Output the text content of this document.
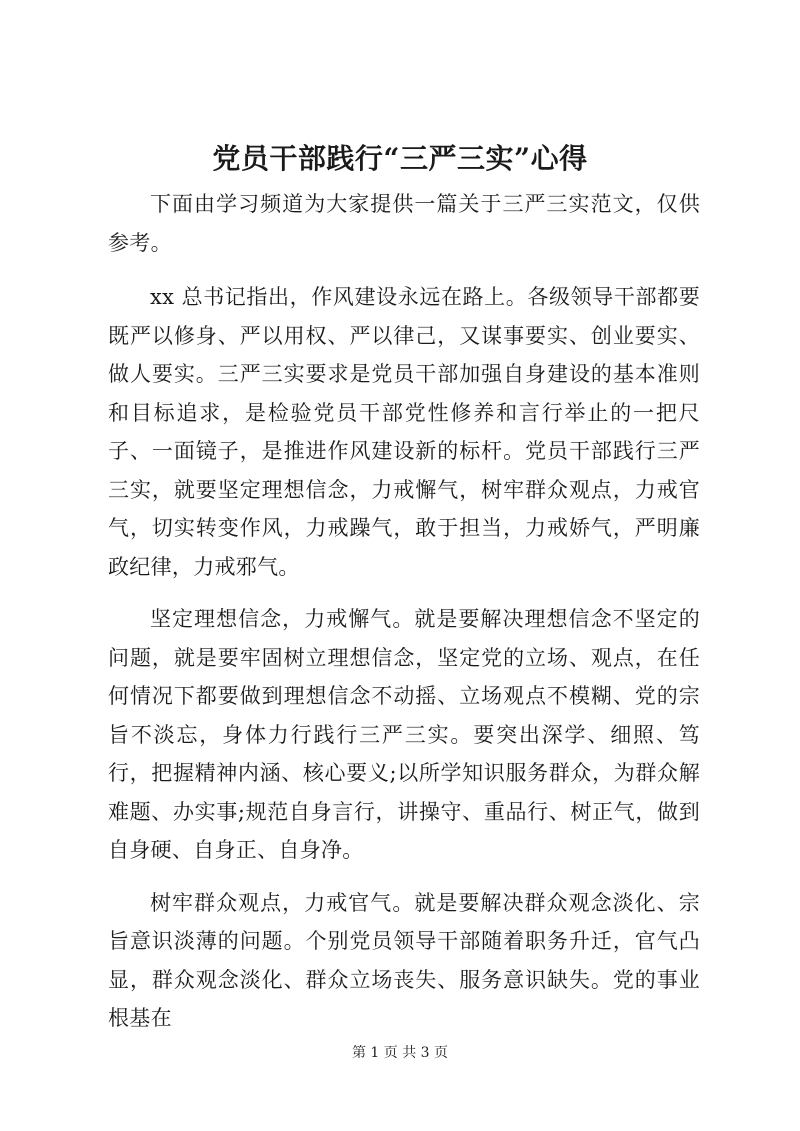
党员干部践行“三严三实”心得

下面由学习频道为大家提供一篇关于三严三实范文，仅供参考。

xx 总书记指出，作风建设永远在路上。各级领导干部都要既严以修身、严以用权、严以律己，又谋事要实、创业要实、做人要实。三严三实要求是党员干部加强自身建设的基本准则和目标追求，是检验党员干部党性修养和言行举止的一把尺子、一面镜子，是推进作风建设新的标杆。党员干部践行三严三实，就要坚定理想信念，力戒懈气，树牢群众观点，力戒官气，切实转变作风，力戒躁气，敢于担当，力戒娇气，严明廉政纪律，力戒邪气。

坚定理想信念，力戒懈气。就是要解决理想信念不坚定的问题，就是要牢固树立理想信念，坚定党的立场、观点，在任何情况下都要做到理想信念不动摇、立场观点不模糊、党的宗旨不淡忘，身体力行践行三严三实。要突出深学、细照、笃行，把握精神内涵、核心要义;以所学知识服务群众，为群众解难题、办实事;规范自身言行，讲操守、重品行、树正气，做到自身硬、自身正、自身净。

树牢群众观点，力戒官气。就是要解决群众观念淡化、宗旨意识淡薄的问题。个别党员领导干部随着职务升迁，官气凸显，群众观念淡化、群众立场丧失、服务意识缺失。党的事业根基在

第 1 页 共 3 页
